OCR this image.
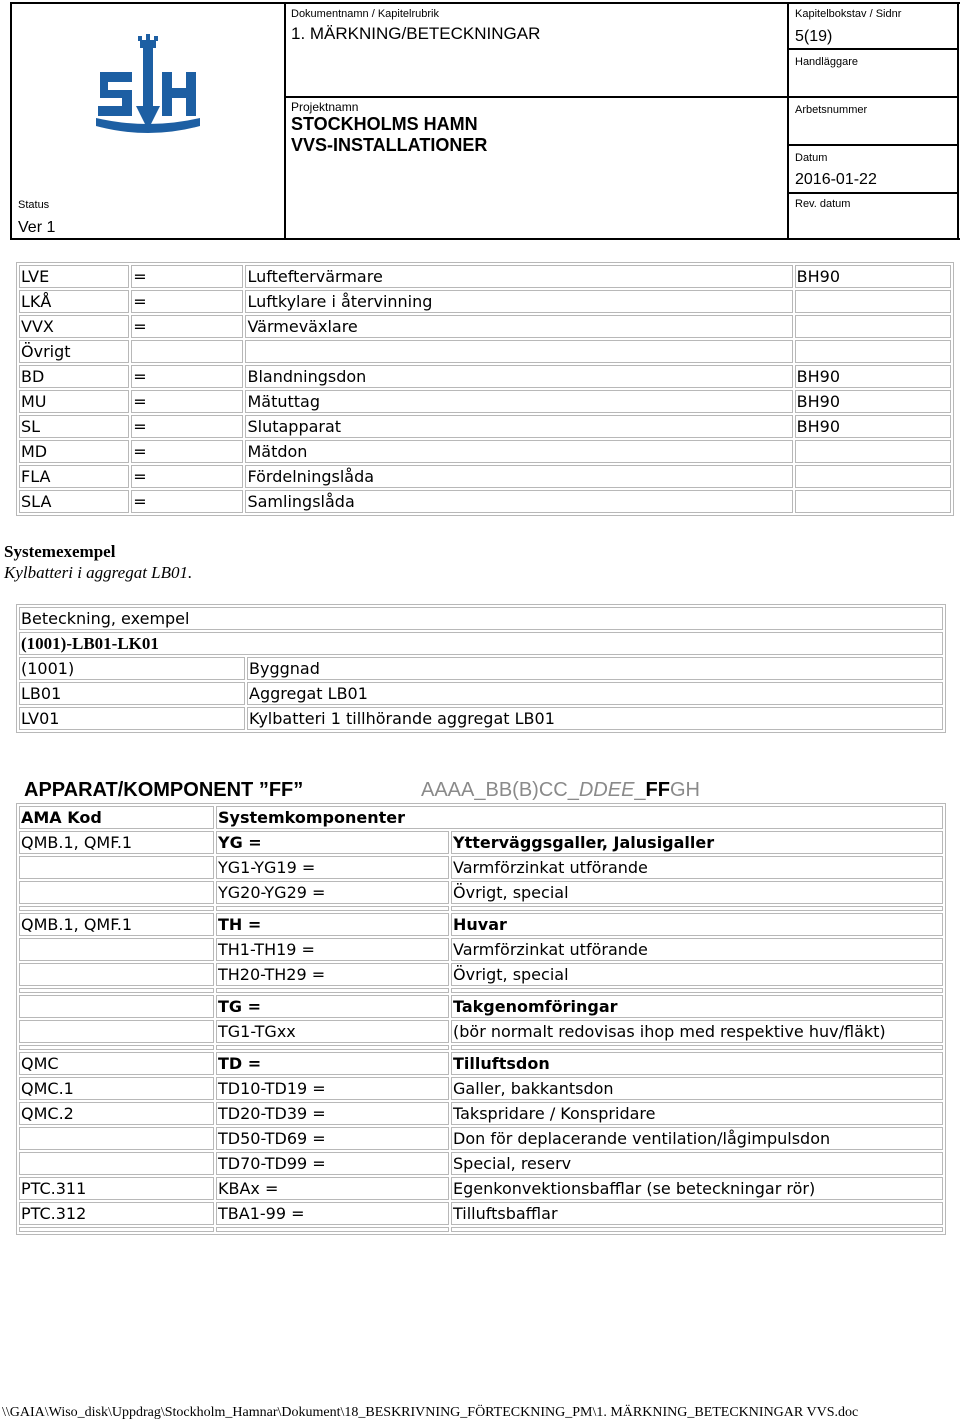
SH
Dokumentnamn / Kapitelrubrik
1. MÄRKNING/BETECKNINGAR
Kapitelbokstav / Sidnr
5(19)
Handläggare
Projektnamn
STOCKHOLMS HAMN
VVS-INSTALLATIONER
Arbetsnummer
Datum
2016-01-22
Status
Ver 1
Rev. datum
LVE	=	Lufteftervärmare	BH90
LKÅ	=	Luftkylare i återvinning	
VVX	=	Värmeväxlare	
Övrigt			
BD	=	Blandningsdon	BH90
MU	=	Mätuttag	BH90
SL	=	Slutapparat	BH90
MD	=	Mätdon	
FLA	=	Fördelningslåda	
SLA	=	Samlingslåda	
Systemexempel
Kylbatteri i aggregat LB01.
Beteckning, exempel	
(1001)-LB01-LK01	
(1001)	Byggnad
LB01	Aggregat LB01
LV01	Kylbatteri 1 tillhörande aggregat LB01
APPARAT/KOMPONENT ”FF”	AAAA_BB(B)CC_DDEE_FFGH
AMA Kod	Systemkomponenter	
QMB.1, QMF.1	YG =	Ytterväggsgaller, Jalusigaller
	YG1-YG19 =	Varmförzinkat utförande
	YG20-YG29 =	Övrigt, special

QMB.1, QMF.1	TH =	Huvar
	TH1-TH19 =	Varmförzinkat utförande
	TH20-TH29 =	Övrigt, special

	TG =	Takgenomföringar
	TG1-TGxx	(bör normalt redovisas ihop med respektive huv/fläkt)

QMC	TD =	Tilluftsdon
QMC.1	TD10-TD19 =	Galler, bakkantsdon
QMC.2	TD20-TD39 =	Takspridare / Konspridare
	TD50-TD69 =	Don för deplacerande ventilation/lågimpulsdon
	TD70-TD99 =	Special, reserv
PTC.311	KBAx =	Egenkonvektionsbafflar (se beteckningar rör)
PTC.312	TBA1-99 =	Tilluftsbafflar

\\GAIA\Wiso_disk\Uppdrag\Stockholm_Hamnar\Dokument\18_BESKRIVNING_FÖRTECKNING_PM\1. MÄRKNING_BETECKNINGAR VVS.doc
